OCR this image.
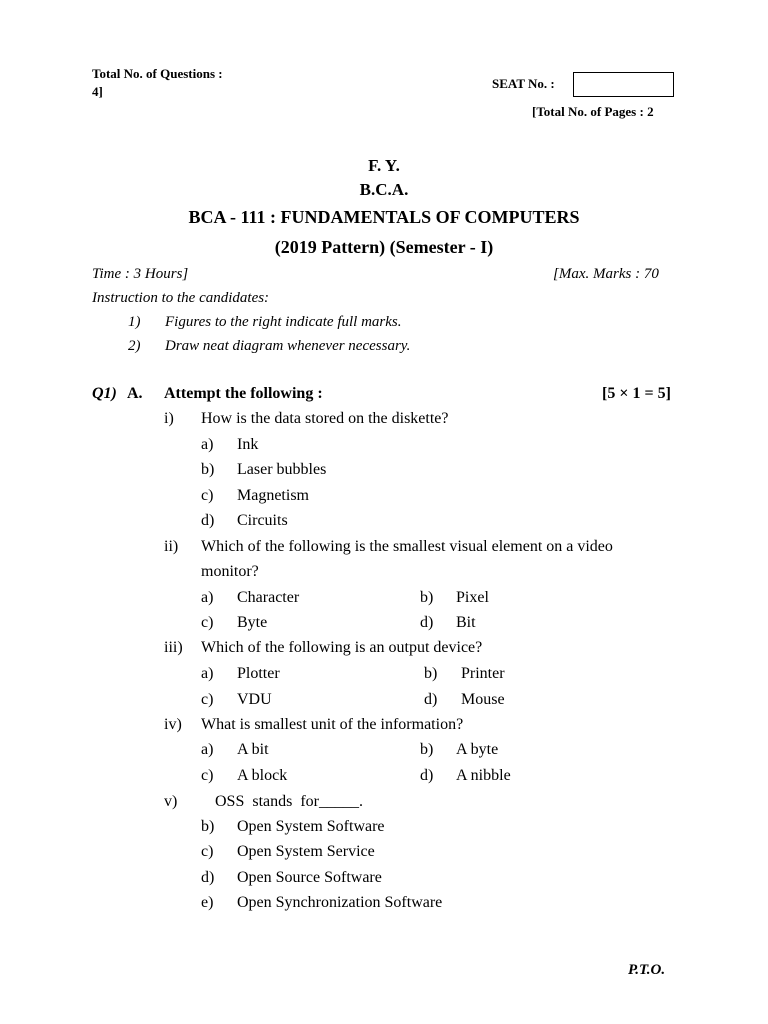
Total No. of Questions :
4]
SEAT No. :
[Total No. of Pages : 2
F. Y.
B.C.A.
BCA - 111 : FUNDAMENTALS OF COMPUTERS
(2019 Pattern) (Semester - I)
Time : 3 Hours]	[Max. Marks : 70
Instruction to the candidates:
1) Figures to the right indicate full marks.
2) Draw neat diagram whenever necessary.
Q1) A. Attempt the following :	[5 × 1 = 5]
i) How is the data stored on the diskette?
a) Ink
b) Laser bubbles
c) Magnetism
d) Circuits
ii) Which of the following is the smallest visual element on a video
monitor?
a) Character	b) Pixel
c) Byte	d) Bit
iii) Which of the following is an output device?
a) Plotter	b) Printer
c) VDU	d) Mouse
iv) What is smallest unit of the information?
a) A bit	b) A byte
c) A block	d) A nibble
v) OSS  stands  for_____.
b) Open System Software
c) Open System Service
d) Open Source Software
e) Open Synchronization Software
P.T.O.
